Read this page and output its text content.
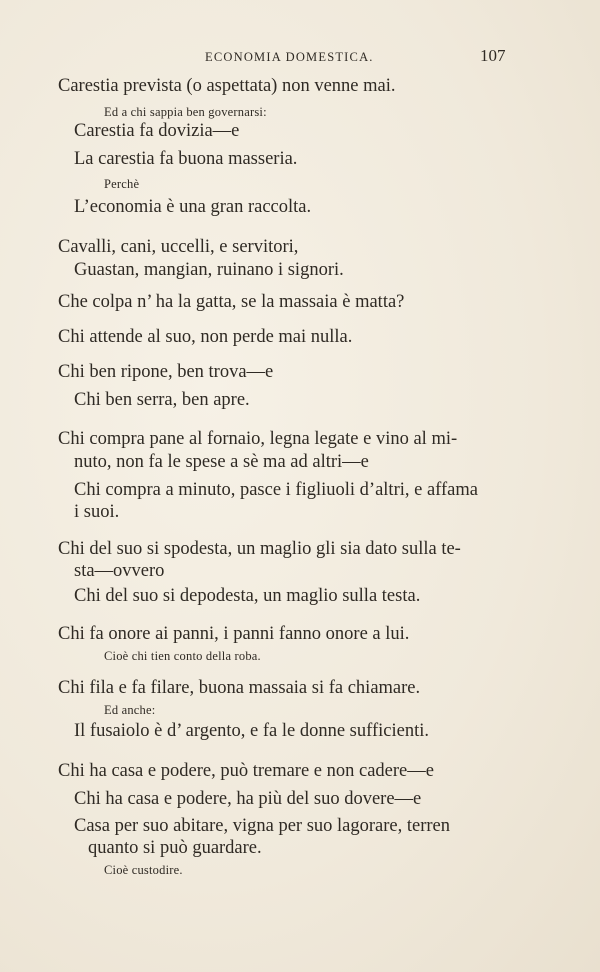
ECONOMIA DOMESTICA.	107
Carestia prevista (o aspettata) non venne mai.
Ed a chi sappia ben governarsi:
Carestia fa dovizia—e
La carestia fa buona masseria.
Perchè
L’economia è una gran raccolta.
Cavalli, cani, uccelli, e servitori,
Guastan, mangian, ruinano i signori.
Che colpa n’ ha la gatta, se la massaia è matta?
Chi attende al suo, non perde mai nulla.
Chi ben ripone, ben trova—e
Chi ben serra, ben apre.
Chi compra pane al fornaio, legna legate e vino al mi-
nuto, non fa le spese a sè ma ad altri—e
Chi compra a minuto, pasce i figliuoli d’altri, e affama
i suoi.
Chi del suo si spodesta, un maglio gli sia dato sulla te-
sta—ovvero
Chi del suo si depodesta, un maglio sulla testa.
Chi fa onore ai panni, i panni fanno onore a lui.
Cioè chi tien conto della roba.
Chi fila e fa filare, buona massaia si fa chiamare.
Ed anche:
Il fusaiolo è d’ argento, e fa le donne sufficienti.
Chi ha casa e podere, può tremare e non cadere—e
Chi ha casa e podere, ha più del suo dovere—e
Casa per suo abitare, vigna per suo lagorare, terren
quanto si può guardare.
Cioè custodire.
